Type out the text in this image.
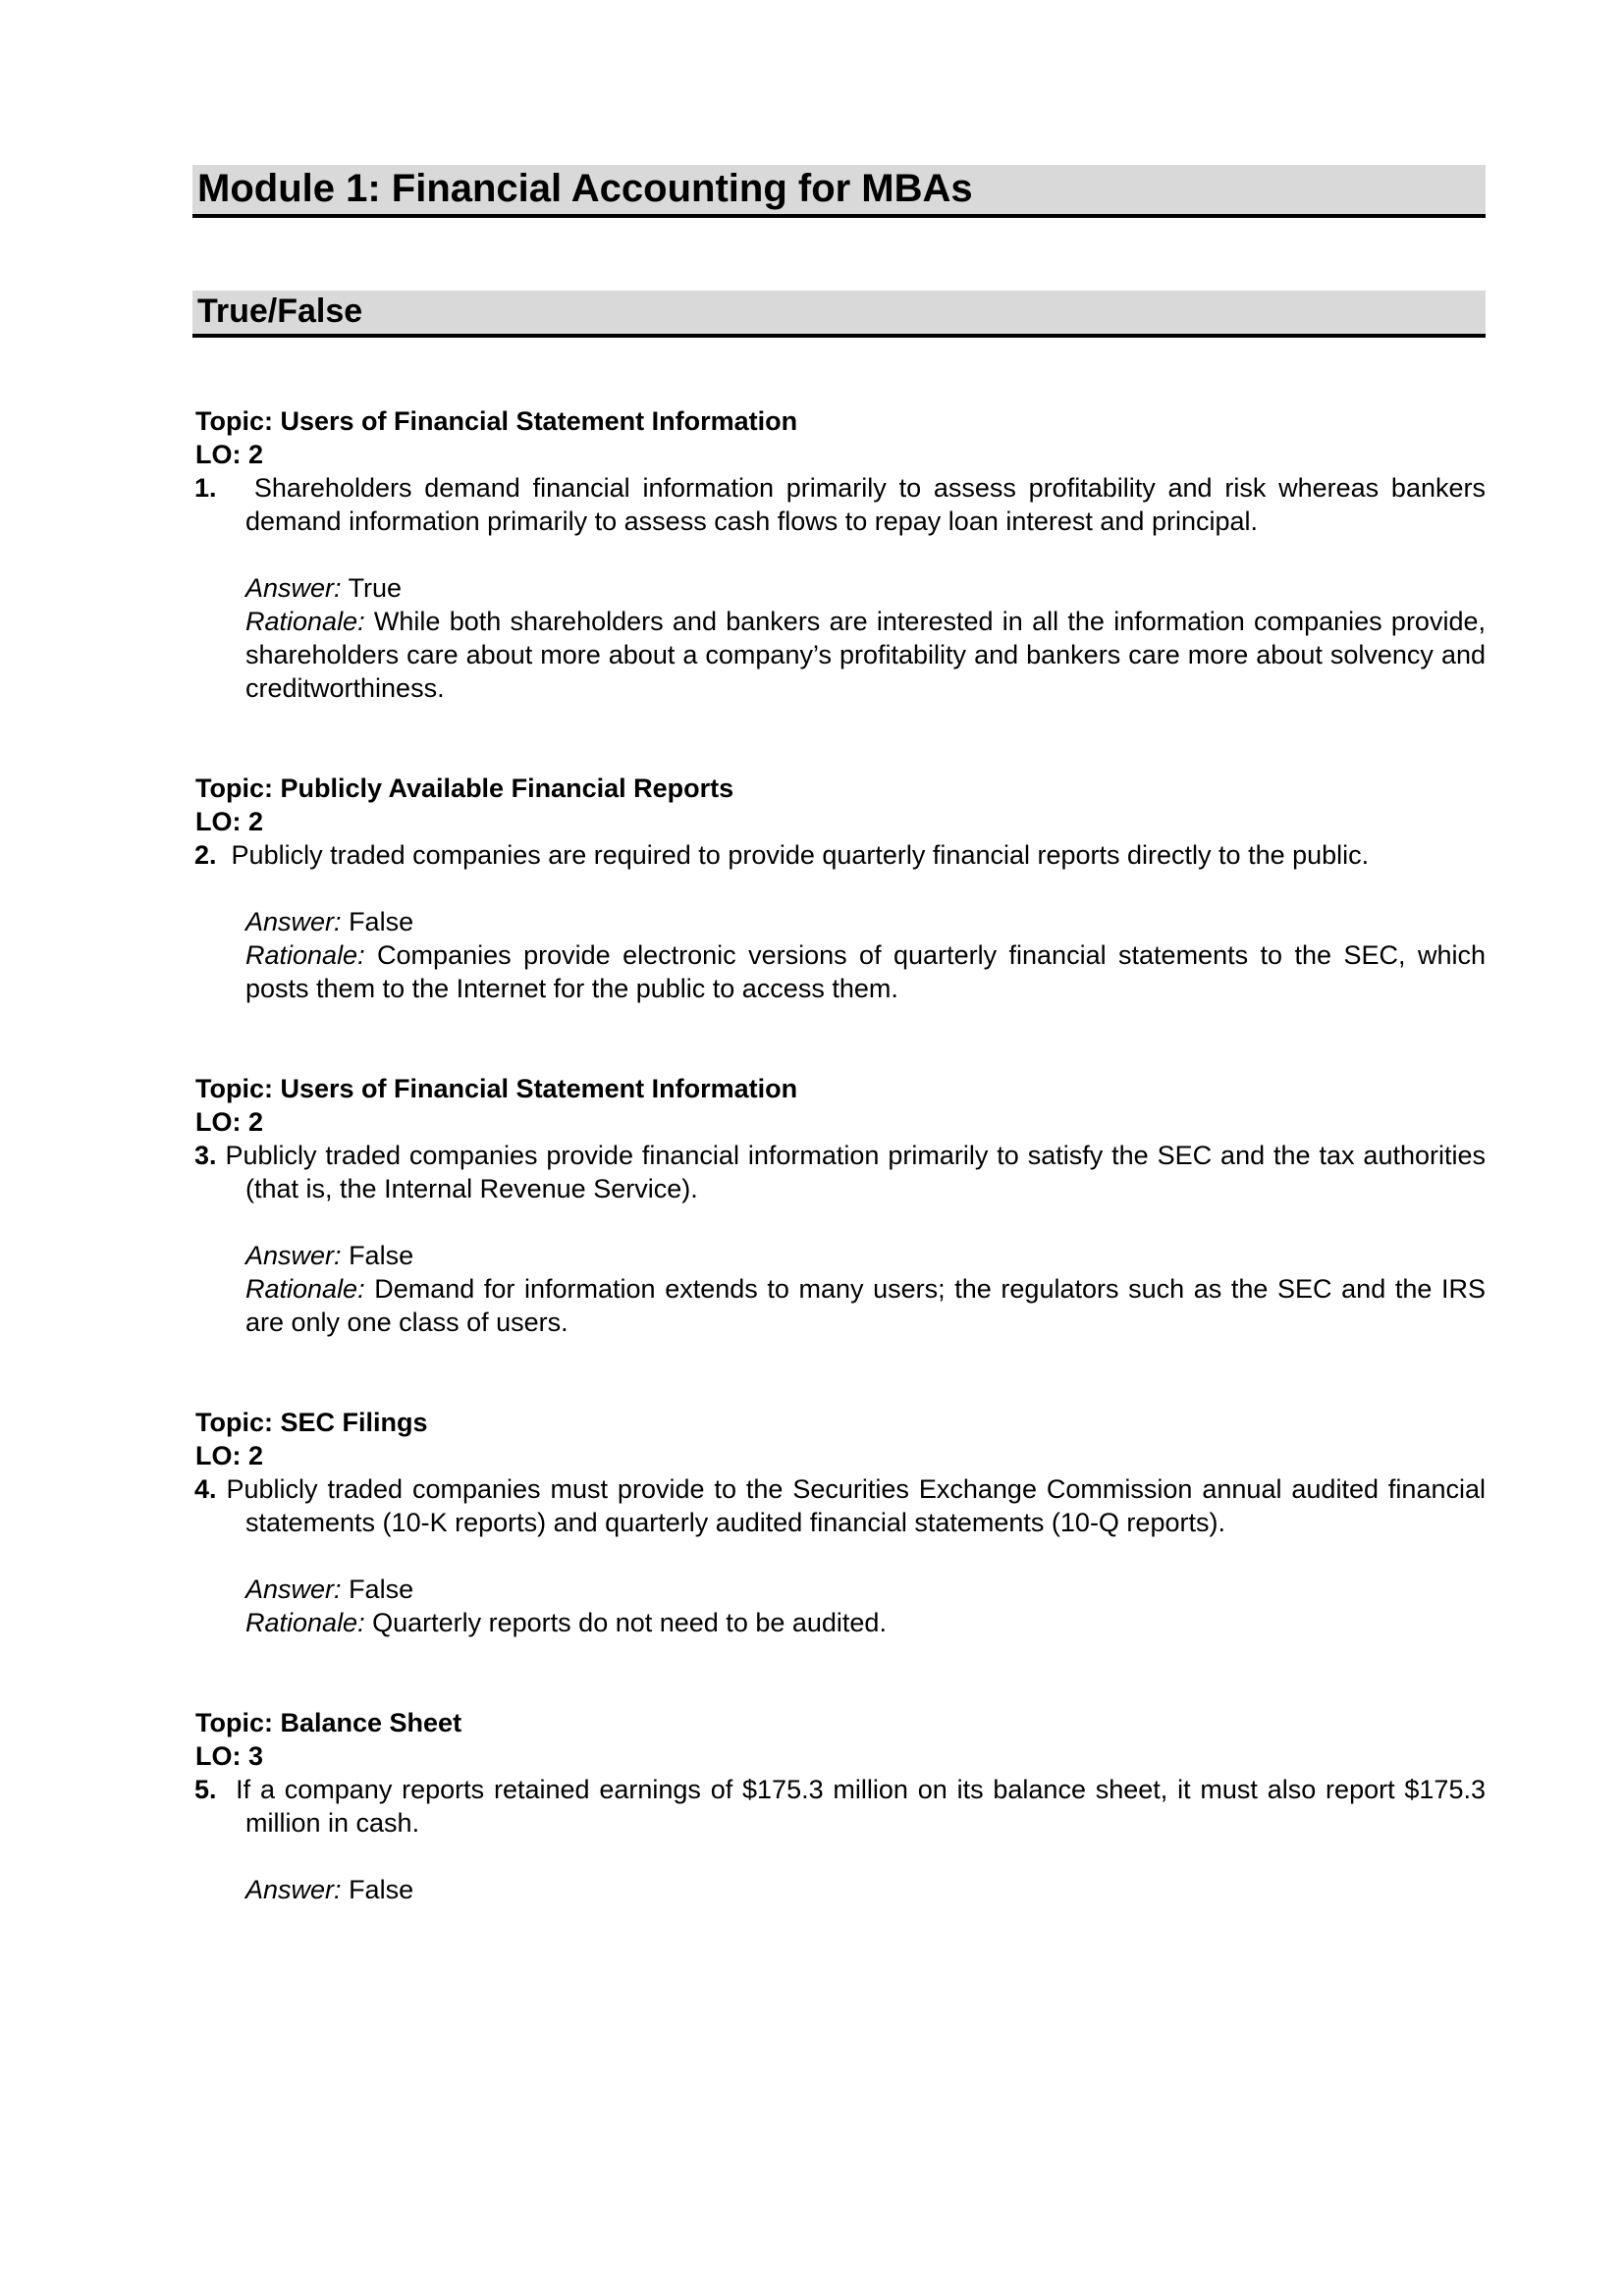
Module 1: Financial Accounting for MBAs
True/False
Topic: Users of Financial Statement Information
LO: 2
1. Shareholders demand financial information primarily to assess profitability and risk whereas bankers demand information primarily to assess cash flows to repay loan interest and principal.
Answer: True
Rationale: While both shareholders and bankers are interested in all the information companies provide, shareholders care about more about a company’s profitability and bankers care more about solvency and creditworthiness.
Topic: Publicly Available Financial Reports
LO: 2
2. Publicly traded companies are required to provide quarterly financial reports directly to the public.
Answer: False
Rationale: Companies provide electronic versions of quarterly financial statements to the SEC, which posts them to the Internet for the public to access them.
Topic: Users of Financial Statement Information
LO: 2
3. Publicly traded companies provide financial information primarily to satisfy the SEC and the tax authorities (that is, the Internal Revenue Service).
Answer: False
Rationale: Demand for information extends to many users; the regulators such as the SEC and the IRS are only one class of users.
Topic: SEC Filings
LO: 2
4. Publicly traded companies must provide to the Securities Exchange Commission annual audited financial statements (10-K reports) and quarterly audited financial statements (10-Q reports).
Answer: False
Rationale: Quarterly reports do not need to be audited.
Topic: Balance Sheet
LO: 3
5. If a company reports retained earnings of $175.3 million on its balance sheet, it must also report $175.3 million in cash.
Answer: False
